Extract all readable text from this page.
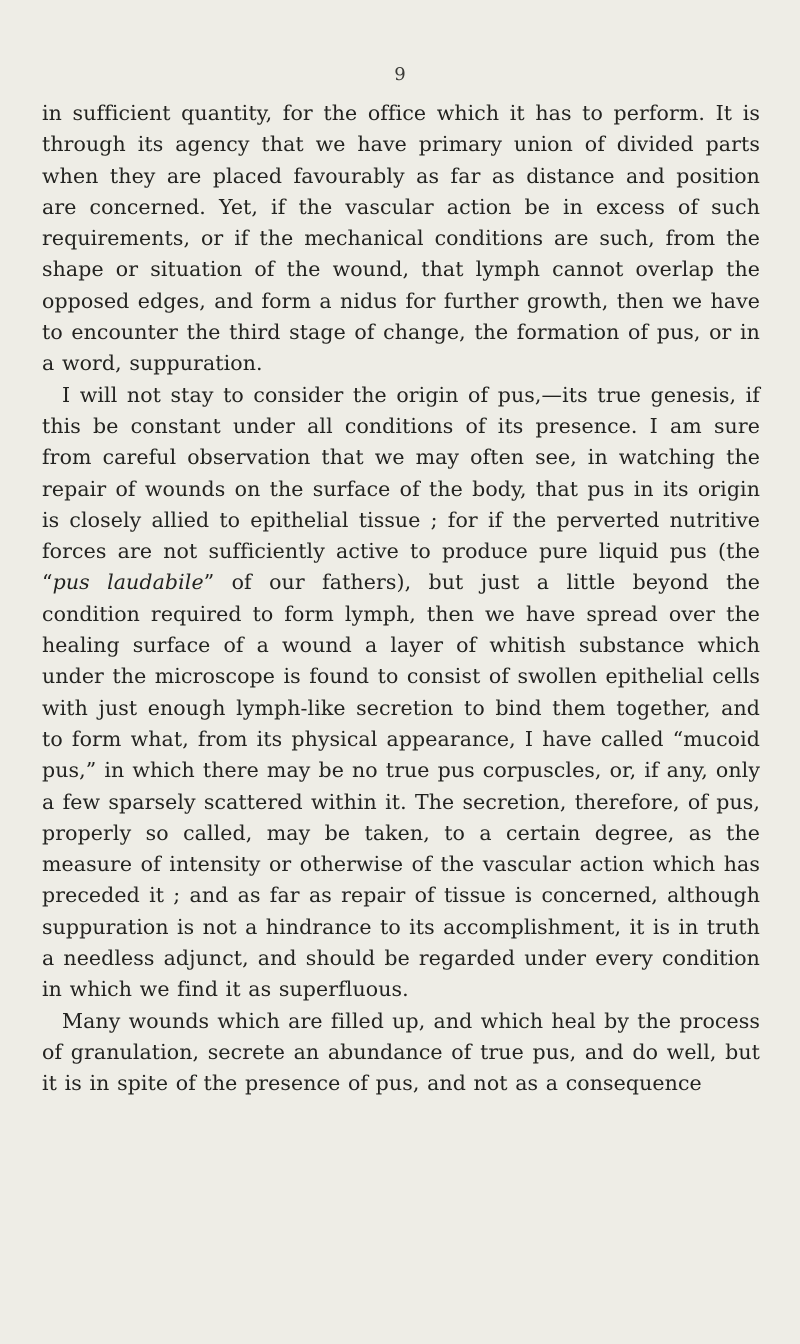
9

in sufficient quantity, for the office which it has to perform. It is through its agency that we have primary union of divided parts when they are placed favourably as far as distance and position are concerned. Yet, if the vascular action be in excess of such requirements, or if the mechanical conditions are such, from the shape or situation of the wound, that lymph cannot overlap the opposed edges, and form a nidus for further growth, then we have to encounter the third stage of change, the formation of pus, or in a word, suppuration.

I will not stay to consider the origin of pus,—its true genesis, if this be constant under all conditions of its presence. I am sure from careful observation that we may often see, in watching the repair of wounds on the surface of the body, that pus in its origin is closely allied to epithelial tissue ; for if the perverted nutritive forces are not sufficiently active to produce pure liquid pus (the “pus laudabile” of our fathers), but just a little beyond the condition required to form lymph, then we have spread over the healing surface of a wound a layer of whitish substance which under the microscope is found to consist of swollen epithelial cells with just enough lymph-like secretion to bind them together, and to form what, from its physical appearance, I have called “mucoid pus,” in which there may be no true pus corpuscles, or, if any, only a few sparsely scattered within it. The secretion, therefore, of pus, properly so called, may be taken, to a certain degree, as the measure of intensity or otherwise of the vascular action which has preceded it ; and as far as repair of tissue is concerned, although suppuration is not a hindrance to its accomplishment, it is in truth a needless adjunct, and should be regarded under every condition in which we find it as superfluous.

Many wounds which are filled up, and which heal by the process of granulation, secrete an abundance of true pus, and do well, but it is in spite of the presence of pus, and not as a consequence
